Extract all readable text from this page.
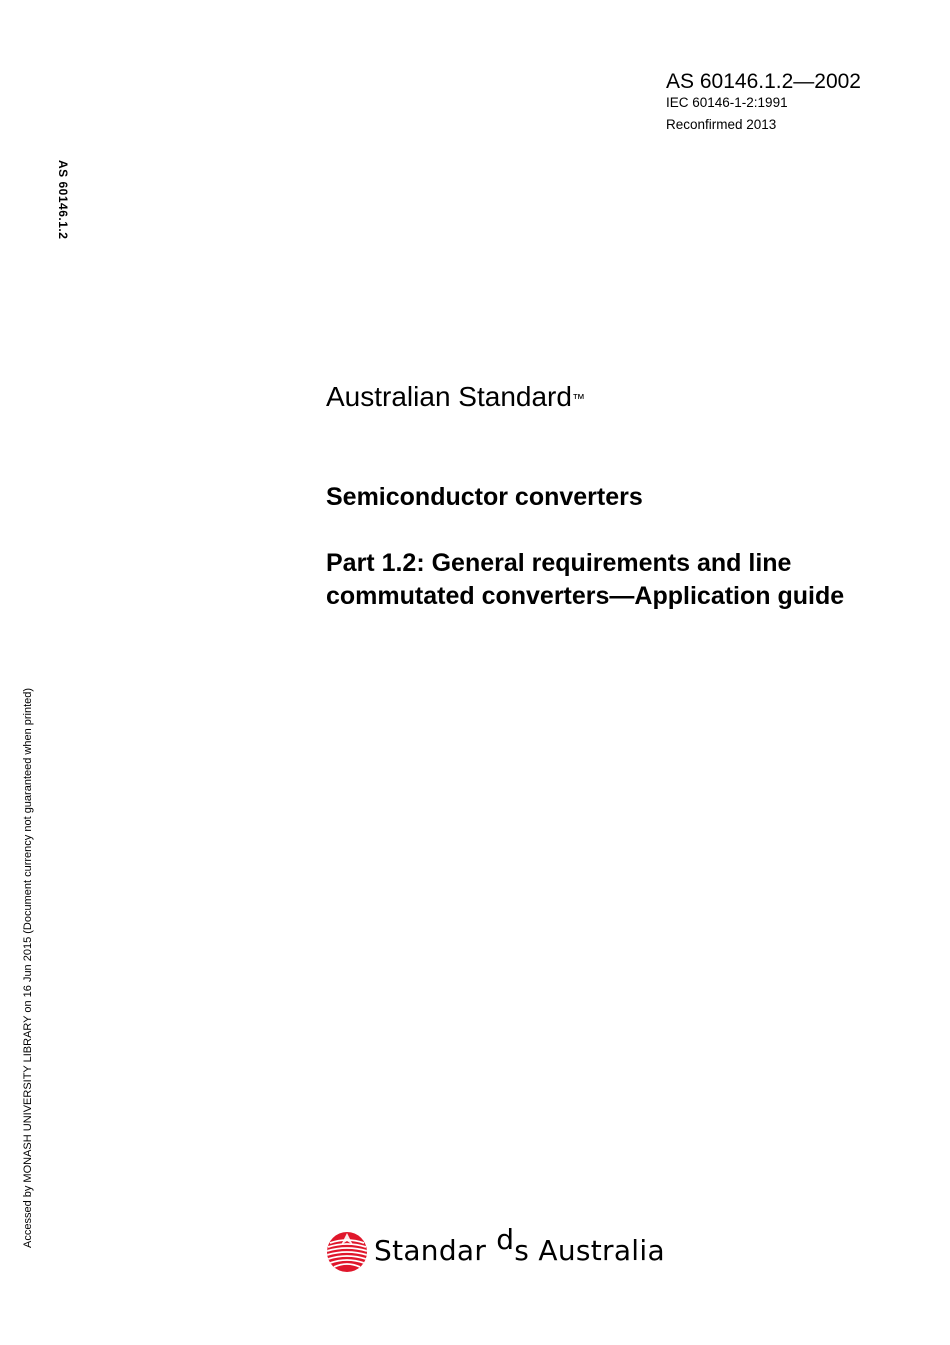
AS 60146.1.2
Accessed by MONASH UNIVERSITY LIBRARY on 16 Jun 2015 (Document currency not guaranteed when printed)
AS 60146.1.2—2002
IEC 60146-1-2:1991
Reconfirmed 2013
Australian Standard™
Semiconductor converters
Part 1.2: General requirements and line commutated converters—Application guide
Standar ds Australia
